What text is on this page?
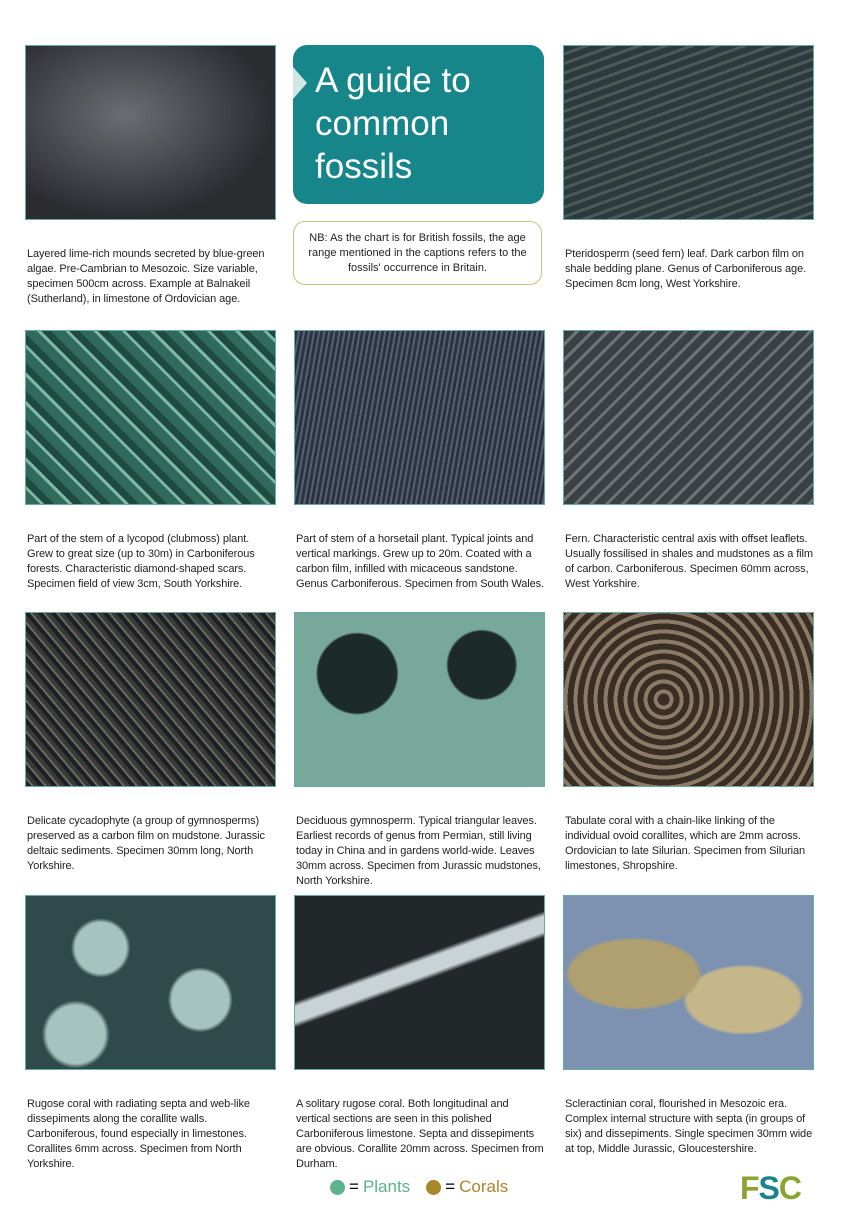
A guide to
common
fossils
NB: As the chart is for British fossils, the age range mentioned in the captions refers to the fossils' occurrence in Britain.
1. Stromatolite
Layered lime-rich mounds secreted by blue-green algae. Pre-Cambrian to Mesozoic. Size variable, specimen 500cm across. Example at Balnakeil (Sutherland), in limestone of Ordovician age.
2. Alethopteris
Pteridosperm (seed fern) leaf. Dark carbon film on shale bedding plane. Genus of Carboniferous age. Specimen 8cm long, West Yorkshire.
3. Lepidodendron
Part of the stem of a lycopod (clubmoss) plant. Grew to great size (up to 30m) in Carboniferous forests. Characteristic diamond-shaped scars. Specimen field of view 3cm, South Yorkshire.
4. Calamites
Part of stem of a horsetail plant. Typical joints and vertical markings. Grew up to 20m. Coated with a carbon film, infilled with micaceous sandstone. Genus Carboniferous. Specimen from South Wales.
5. Mariopteris
Fern. Characteristic central axis with offset leaflets. Usually fossilised in shales and mudstones as a film of carbon. Carboniferous. Specimen 60mm across, West Yorkshire.
6. Williamsonia
Delicate cycadophyte (a group of gymnosperms) preserved as a carbon film on mudstone. Jurassic deltaic sediments. Specimen 30mm long, North Yorkshire.
7. Ginkgo
Deciduous gymnosperm. Typical triangular leaves. Earliest records of genus from Permian, still living today in China and in gardens world-wide. Leaves 30mm across. Specimen from Jurassic mudstones, North Yorkshire.
8. Halysites
Tabulate coral with a chain-like linking of the individual ovoid corallites, which are 2mm across. Ordovician to late Silurian. Specimen from Silurian limestones, Shropshire.
9. Lonsdaleia
Rugose coral with radiating septa and web-like dissepiments along the corallite walls. Carboniferous, found especially in limestones. Corallites 6mm across. Specimen from North Yorkshire.
10. Dibunophyllum
A solitary rugose coral. Both longitudinal and vertical sections are seen in this polished Carboniferous limestone. Septa and dissepiments are obvious. Corallite 20mm across. Specimen from Durham.
11. Thecosmilia
Scleractinian coral, flourished in Mesozoic era. Complex internal structure with septa (in groups of six) and dissepiments. Single specimen 30mm wide at top, Middle Jurassic, Gloucestershire.
= Plants = Corals	FSC
